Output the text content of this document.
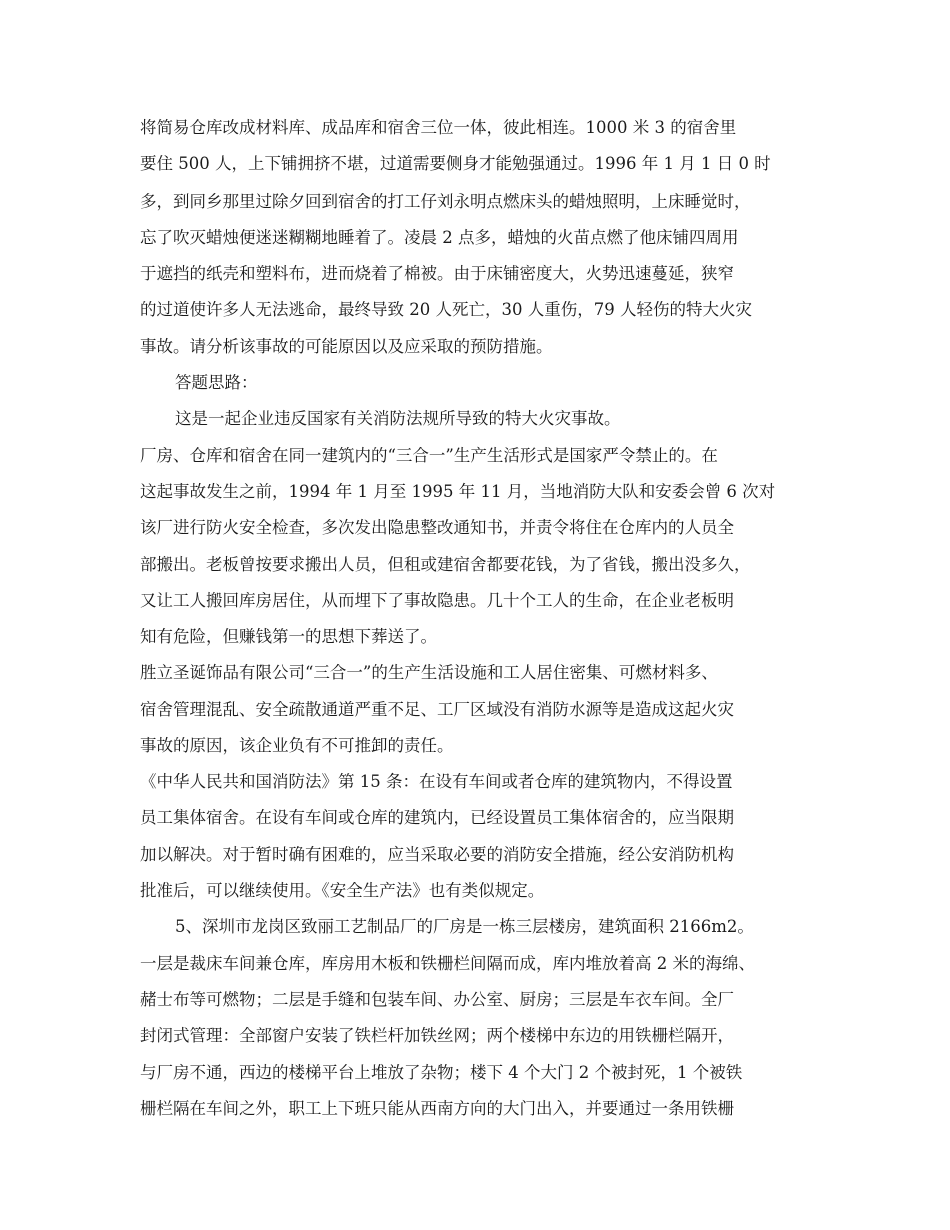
将简易仓库改成材料库、成品库和宿舍三位一体，彼此相连。1000 米 3 的宿舍里

要住 500 人，上下铺拥挤不堪，过道需要侧身才能勉强通过。1996 年 1 月 1 日 0 时

多，到同乡那里过除夕回到宿舍的打工仔刘永明点燃床头的蜡烛照明，上床睡觉时，

忘了吹灭蜡烛便迷迷糊糊地睡着了。凌晨 2 点多，蜡烛的火苗点燃了他床铺四周用

于遮挡的纸壳和塑料布，进而烧着了棉被。由于床铺密度大，火势迅速蔓延，狭窄

的过道使许多人无法逃命，最终导致 20 人死亡，30 人重伤，79 人轻伤的特大火灾

事故。请分析该事故的可能原因以及应采取的预防措施。

答题思路：

这是一起企业违反国家有关消防法规所导致的特大火灾事故。

厂房、仓库和宿舍在同一建筑内的“三合一”生产生活形式是国家严令禁止的。在

这起事故发生之前，1994 年 1 月至 1995 年 11 月，当地消防大队和安委会曾 6 次对

该厂进行防火安全检查，多次发出隐患整改通知书，并责令将住在仓库内的人员全

部搬出。老板曾按要求搬出人员，但租或建宿舍都要花钱，为了省钱，搬出没多久，

又让工人搬回库房居住，从而埋下了事故隐患。几十个工人的生命，在企业老板明

知有危险，但赚钱第一的思想下葬送了。

胜立圣诞饰品有限公司“三合一”的生产生活设施和工人居住密集、可燃材料多、

宿舍管理混乱、安全疏散通道严重不足、工厂区域没有消防水源等是造成这起火灾

事故的原因，该企业负有不可推卸的责任。

《中华人民共和国消防法》第 15 条：在设有车间或者仓库的建筑物内，不得设置

员工集体宿舍。在设有车间或仓库的建筑内，已经设置员工集体宿舍的，应当限期

加以解决。对于暂时确有困难的，应当采取必要的消防安全措施，经公安消防机构

批准后，可以继续使用。《安全生产法》也有类似规定。

5、深圳市龙岗区致丽工艺制品厂的厂房是一栋三层楼房，建筑面积 2166m2。

一层是裁床车间兼仓库，库房用木板和铁栅栏间隔而成，库内堆放着高 2 米的海绵、

赭士布等可燃物；二层是手缝和包装车间、办公室、厨房；三层是车衣车间。全厂

封闭式管理：全部窗户安装了铁栏杆加铁丝网；两个楼梯中东边的用铁栅栏隔开，

与厂房不通，西边的楼梯平台上堆放了杂物；楼下 4 个大门 2 个被封死，1 个被铁

栅栏隔在车间之外，职工上下班只能从西南方向的大门出入，并要通过一条用铁栅
